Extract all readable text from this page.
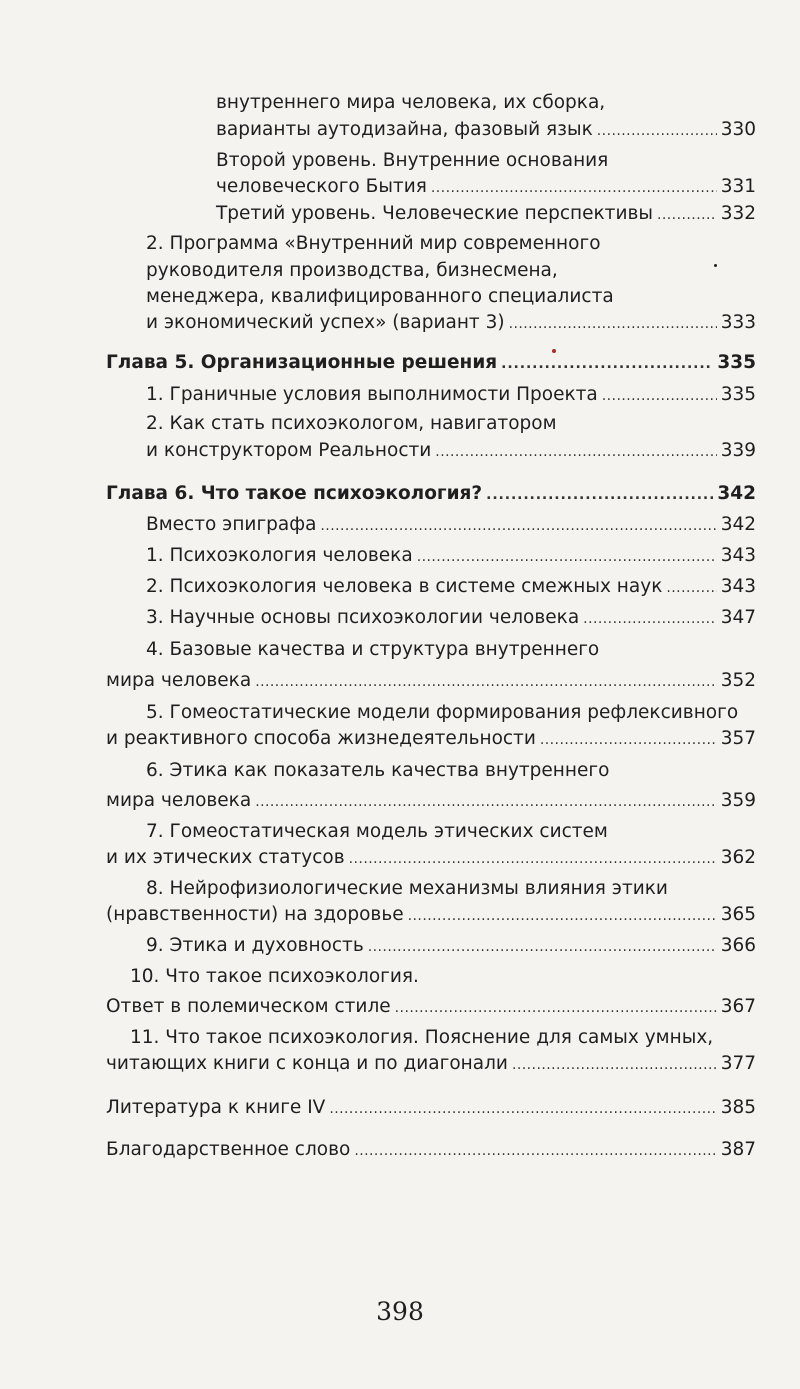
внутреннего мира человека, их сборка,
варианты аутодизайна, фазовый язык . . .	330
Второй уровень. Внутренние основания
человеческого Бытия . . .	331
Третий уровень. Человеческие перспективы . . .	332
2. Программа «Внутренний мир современного
руководителя производства, бизнесмена,
менеджера, квалифицированного специалиста
и экономический успех» (вариант 3) . . .	333
Глава 5. Организационные решения . . .	335
1. Граничные условия выполнимости Проекта . . .	335
2. Как стать психоэкологом, навигатором
и конструктором Реальности . . .	339
Глава 6. Что такое психоэкология? . . .	342
Вместо эпиграфа . . .	342
1. Психоэкология человека . . .	343
2. Психоэкология человека в системе смежных наук . . .	343
3. Научные основы психоэкологии человека . . .	347
4. Базовые качества и структура внутреннего
мира человека . . .	352
5. Гомеостатические модели формирования рефлексивного
и реактивного способа жизнедеятельности . . .	357
6. Этика как показатель качества внутреннего
мира человека . . .	359
7. Гомеостатическая модель этических систем
и их этических статусов . . .	362
8. Нейрофизиологические механизмы влияния этики
(нравственности) на здоровье . . .	365
9. Этика и духовность . . .	366
10. Что такое психоэкология.
Ответ в полемическом стиле . . .	367
11. Что такое психоэкология. Пояснение для самых умных,
читающих книги с конца и по диагонали . . .	377
Литература к книге IV . . .	385
Благодарственное слово . . .	387
398
